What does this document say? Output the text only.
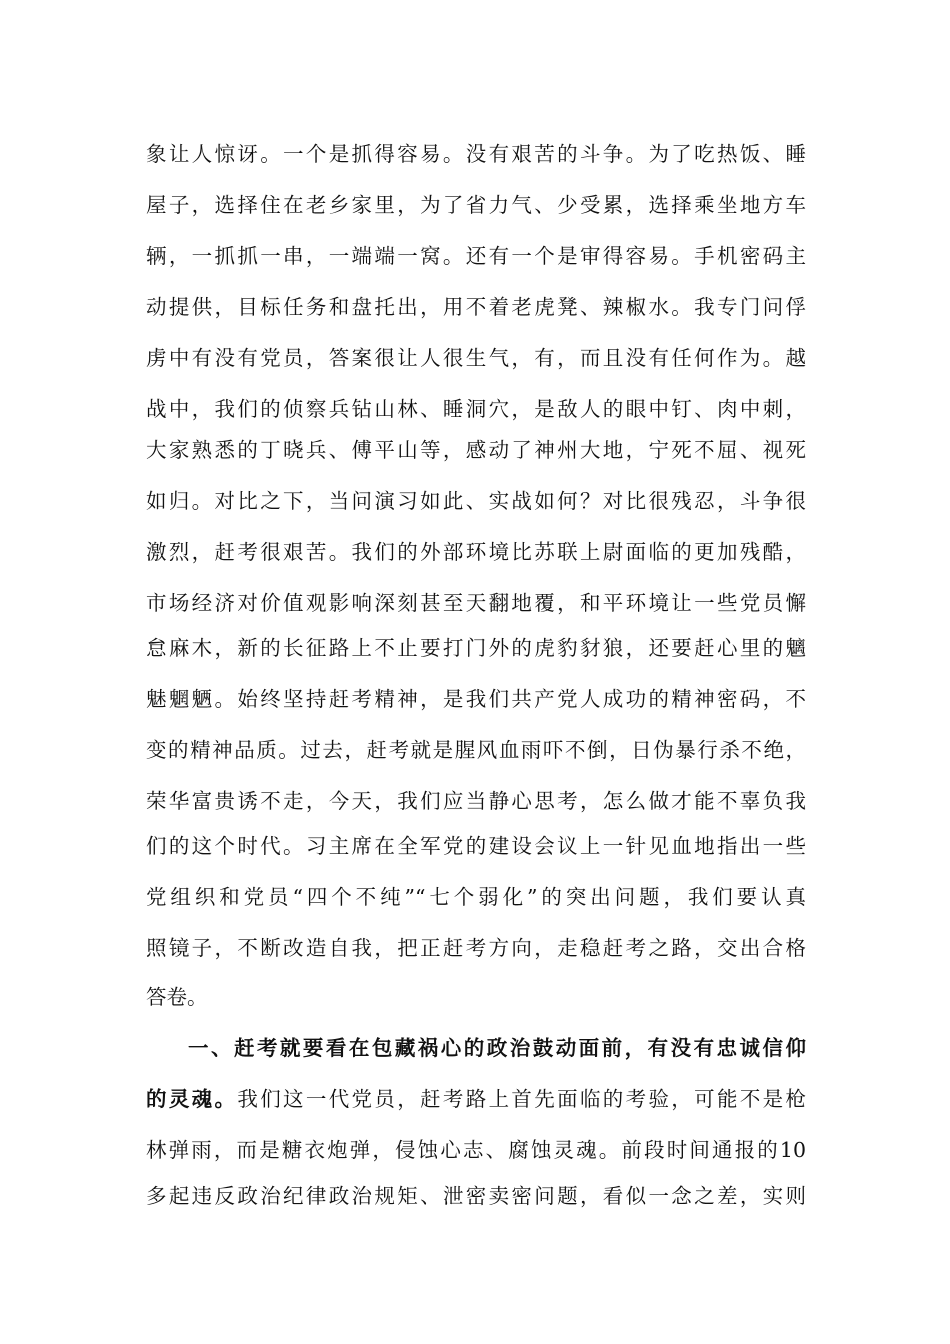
象让人惊讶。一个是抓得容易。没有艰苦的斗争。为了吃热饭、睡
屋子，选择住在老乡家里，为了省力气、少受累，选择乘坐地方车
辆，一抓抓一串，一端端一窝。还有一个是审得容易。手机密码主
动提供，目标任务和盘托出，用不着老虎凳、辣椒水。我专门问俘
虏中有没有党员，答案很让人很生气，有，而且没有任何作为。越
战中，我们的侦察兵钻山林、睡洞穴，是敌人的眼中钉、肉中刺，
大家熟悉的丁晓兵、傅平山等，感动了神州大地，宁死不屈、视死
如归。对比之下，当问演习如此、实战如何？对比很残忍，斗争很
激烈，赶考很艰苦。我们的外部环境比苏联上尉面临的更加残酷，
市场经济对价值观影响深刻甚至天翻地覆，和平环境让一些党员懈
怠麻木，新的长征路上不止要打门外的虎豹豺狼，还要赶心里的魑
魅魍魉。始终坚持赶考精神，是我们共产党人成功的精神密码，不
变的精神品质。过去，赶考就是腥风血雨吓不倒，日伪暴行杀不绝，
荣华富贵诱不走，今天，我们应当静心思考，怎么做才能不辜负我
们的这个时代。习主席在全军党的建设会议上一针见血地指出一些
党组织和党员“四个不纯”“七个弱化”的突出问题，我们要认真
照镜子，不断改造自我，把正赶考方向，走稳赶考之路，交出合格
答卷。
一、赶考就要看在包藏祸心的政治鼓动面前，有没有忠诚信仰
的灵魂。我们这一代党员，赶考路上首先面临的考验，可能不是枪
林弹雨，而是糖衣炮弹，侵蚀心志、腐蚀灵魂。前段时间通报的10
多起违反政治纪律政治规矩、泄密卖密问题，看似一念之差，实则
